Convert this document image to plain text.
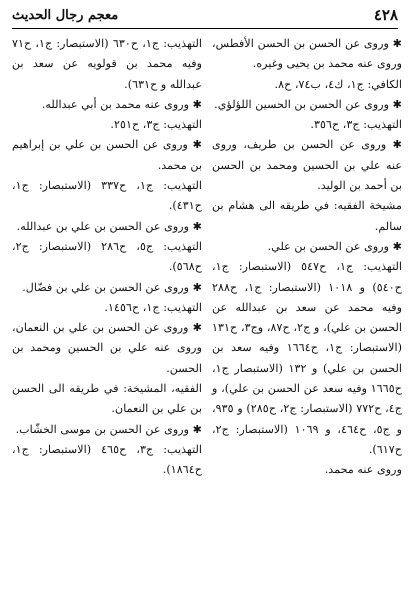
٤٢٨
معجم رجال الحديث

✱ وروى عن الحسن بن الحسن الأفطس، وروى عنه محمد بن يحيى وغيره.

الكافي: ج١، ك٤، ب٧٤، ح٨.

✱ وروى عن الحسن بن الحسين اللؤلؤي.

التهذيب: ج٣، ح٣٥٦.

✱ وروى عن الحسن بن طريف، وروى عنه علي بن الحسين ومحمد بن الحسن بن أحمد بن الوليد.

مشيخة الفقيه: في طريقه الى هشام بن سالم.

✱ وروى عن الحسن بن علي.

التهذيب: ج١، ح٥٤٧ (الاستبصار: ج١، ح٥٤٠) و ١٠١٨ (الاستبصار: ج١، ح٢٨٨ وفيه محمد عن سعد بن عبدالله عن الحسن بن علي)، و ج٢، ح٨٧، وج٣، ح١٣١ (الاستبصار: ج١، ح١٦٦٤ وفيه سعد بن الحسن بن علي) و ١٣٢ (الاستبصار ج١، ح١٦٦٥ وفيه سعد عن الحسن بن علي)، و ج٤، ح٧٧٢ (الاستبصار: ج٢، ح٢٨٥) و ٩٣٥، و ج٥، ح٤٦٤، و ١٠٦٩ (الاستبصار: ج٢، ح٦١٧).

وروى عنه محمد.

التهذيب: ج١، ح٦٣٠ (الاستبصار: ج١، ح٧١ وفيه محمد بن قولويه عن سعد بن عبدالله و ح٦٣١).

✱ وروى عنه محمد بن أبي عبدالله.

التهذيب: ج٣، ح٢٥١.

✱ وروى عن الحسن بن علي بن إبراهيم بن محمد.

التهذيب: ج١، ح٣٣٧ (الاستبصار: ج١، ح٤٣١).

✱ وروى عن الحسن بن علي بن عبدالله.

التهذيب: ج٥، ح٢٨٦ (الاستبصار: ج٢، ح٥٦٨).

✱ وروى عن الحسن بن علي بن فضّال.

التهذيب: ج١، ح١٤٥٦.

✱ وروى عن الحسن بن علي بن النعمان، وروى عنه علي بن الحسين ومحمد بن الحسن.

الفقيه، المشيخة: في طريقه الى الحسن بن علي بن النعمان.

✱ وروى عن الحسن بن موسى الخشّاب.

التهذيب: ج٣، ح٤٦٥ (الاستبصار: ج١، ح١٨٦٤).
